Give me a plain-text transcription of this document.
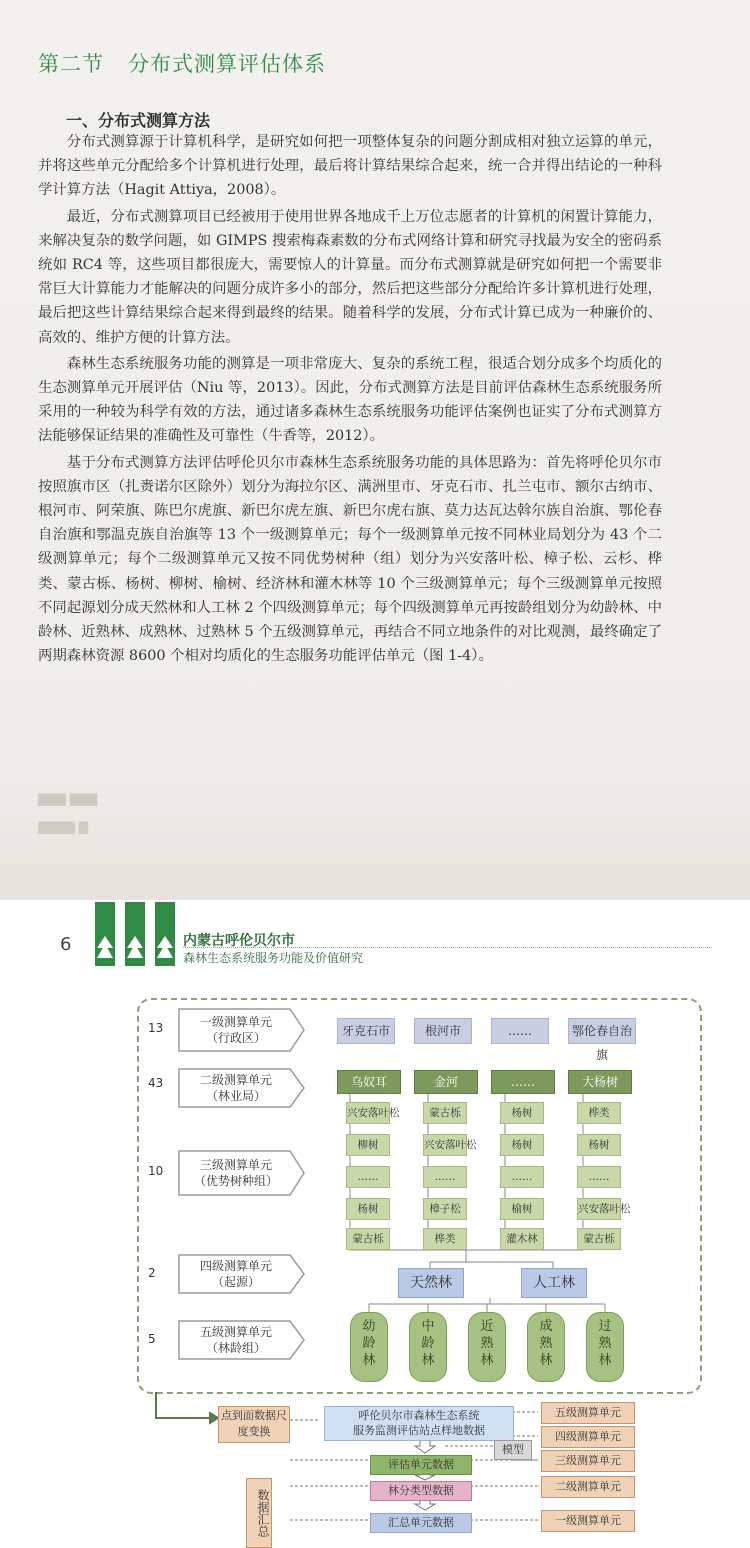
第二节 分布式测算评估体系
一、分布式测算方法

分布式测算源于计算机科学，是研究如何把一项整体复杂的问题分割成相对独立运算的单元，并将这些单元分配给多个计算机进行处理，最后将计算结果综合起来，统一合并得出结论的一种科学计算方法（Hagit Attiya，2008）。

最近，分布式测算项目已经被用于使用世界各地成千上万位志愿者的计算机的闲置计算能力，来解决复杂的数学问题，如 GIMPS 搜索梅森素数的分布式网络计算和研究寻找最为安全的密码系统如 RC4 等，这些项目都很庞大，需要惊人的计算量。而分布式测算就是研究如何把一个需要非常巨大计算能力才能解决的问题分成许多小的部分，然后把这些部分分配给许多计算机进行处理，最后把这些计算结果综合起来得到最终的结果。随着科学的发展，分布式计算已成为一种廉价的、高效的、维护方便的计算方法。

森林生态系统服务功能的测算是一项非常庞大、复杂的系统工程，很适合划分成多个均质化的生态测算单元开展评估（Niu 等，2013）。因此，分布式测算方法是目前评估森林生态系统服务所采用的一种较为科学有效的方法，通过诸多森林生态系统服务功能评估案例也证实了分布式测算方法能够保证结果的准确性及可靠性（牛香等，2012）。

基于分布式测算方法评估呼伦贝尔市森林生态系统服务功能的具体思路为：首先将呼伦贝尔市按照旗市区（扎赉诺尔区除外）划分为海拉尔区、满洲里市、牙克石市、扎兰屯市、额尔古纳市、根河市、阿荣旗、陈巴尔虎旗、新巴尔虎左旗、新巴尔虎右旗、莫力达瓦达斡尔族自治旗、鄂伦春自治旗和鄂温克族自治旗等 13 个一级测算单元；每个一级测算单元按不同林业局划分为 43 个二级测算单元；每个二级测算单元又按不同优势树种（组）划分为兴安落叶松、樟子松、云杉、桦类、蒙古栎、杨树、柳树、榆树、经济林和灌木林等 10 个三级测算单元；每个三级测算单元按照不同起源划分成天然林和人工林 2 个四级测算单元；每个四级测算单元再按龄组划分为幼龄林、中龄林、近熟林、成熟林、过熟林 5 个五级测算单元，再结合不同立地条件的对比观测，最终确定了两期森林资源 8600 个相对均质化的生态服务功能评估单元（图 1-4）。

▇▇▇ ▇▇▇
▇▇▇▇ ▇
6	内蒙古呼伦贝尔市
森林生态系统服务功能及价值研究
13
43
10
2
5
一级测算单元
（行政区）
二级测算单元
（林业局）
三级测算单元
（优势树种组）
四级测算单元
（起源）
五级测算单元
（林龄组）
牙克石市	根河市	……	鄂伦春自治旗
乌奴耳	金河	……	大杨树
兴安落叶松
柳树
……
杨树
蒙古栎
蒙古栎
兴安落叶松
……
樟子松
桦类
杨树
杨树
……
榆树
灌木林
桦类
杨树
……
兴安落叶松
蒙古栎
天然林	人工林
幼
龄
林
中
龄
林
近
熟
林
成
熟
林
过
熟
林
点到面数据尺度变换
呼伦贝尔市森林生态系统
服务监测评估站点样地数据
模型
评估单元数据
林分类型数据
汇总单元数据
数据汇总
五级测算单元
四级测算单元
三级测算单元
二级测算单元
一级测算单元
